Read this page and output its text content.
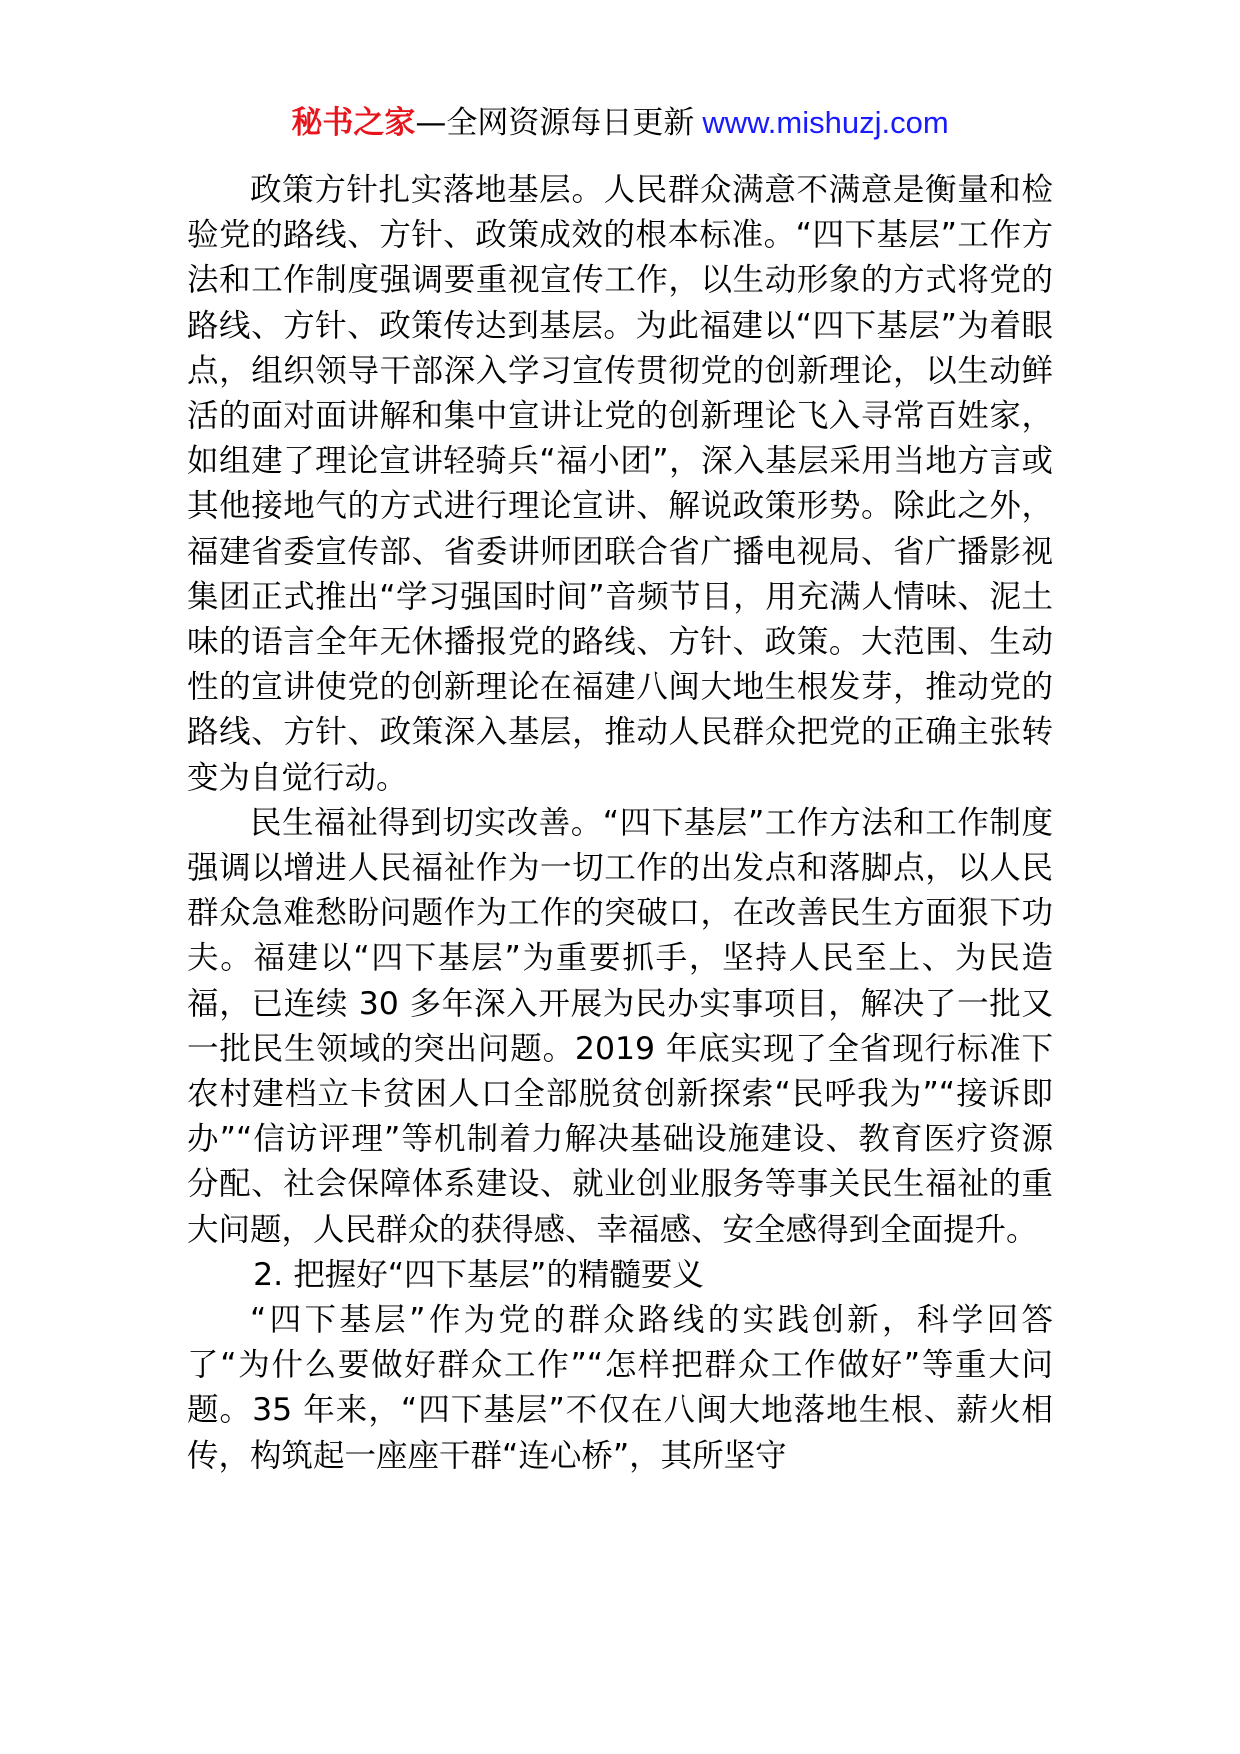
秘书之家—全网资源每日更新 www.mishuzj.com

政策方针扎实落地基层。人民群众满意不满意是衡量和检验党的路线、方针、政策成效的根本标准。“四下基层”工作方法和工作制度强调要重视宣传工作，以生动形象的方式将党的路线、方针、政策传达到基层。为此福建以“四下基层”为着眼点，组织领导干部深入学习宣传贯彻党的创新理论，以生动鲜活的面对面讲解和集中宣讲让党的创新理论飞入寻常百姓家，如组建了理论宣讲轻骑兵“福小团”，深入基层采用当地方言或其他接地气的方式进行理论宣讲、解说政策形势。除此之外，福建省委宣传部、省委讲师团联合省广播电视局、省广播影视集团正式推出“学习强国时间”音频节目，用充满人情味、泥土味的语言全年无休播报党的路线、方针、政策。大范围、生动性的宣讲使党的创新理论在福建八闽大地生根发芽，推动党的路线、方针、政策深入基层，推动人民群众把党的正确主张转变为自觉行动。

民生福祉得到切实改善。“四下基层”工作方法和工作制度强调以增进人民福祉作为一切工作的出发点和落脚点，以人民群众急难愁盼问题作为工作的突破口，在改善民生方面狠下功夫。福建以“四下基层”为重要抓手，坚持人民至上、为民造福，已连续 30 多年深入开展为民办实事项目，解决了一批又一批民生领域的突出问题。2019 年底实现了全省现行标准下农村建档立卡贫困人口全部脱贫创新探索“民呼我为”“接诉即办”“信访评理”等机制着力解决基础设施建设、教育医疗资源分配、社会保障体系建设、就业创业服务等事关民生福祉的重大问题，人民群众的获得感、幸福感、安全感得到全面提升。

2. 把握好“四下基层”的精髓要义

“四下基层”作为党的群众路线的实践创新，科学回答了“为什么要做好群众工作”“怎样把群众工作做好”等重大问题。35 年来，“四下基层”不仅在八闽大地落地生根、薪火相传，构筑起一座座干群“连心桥”，其所坚守
